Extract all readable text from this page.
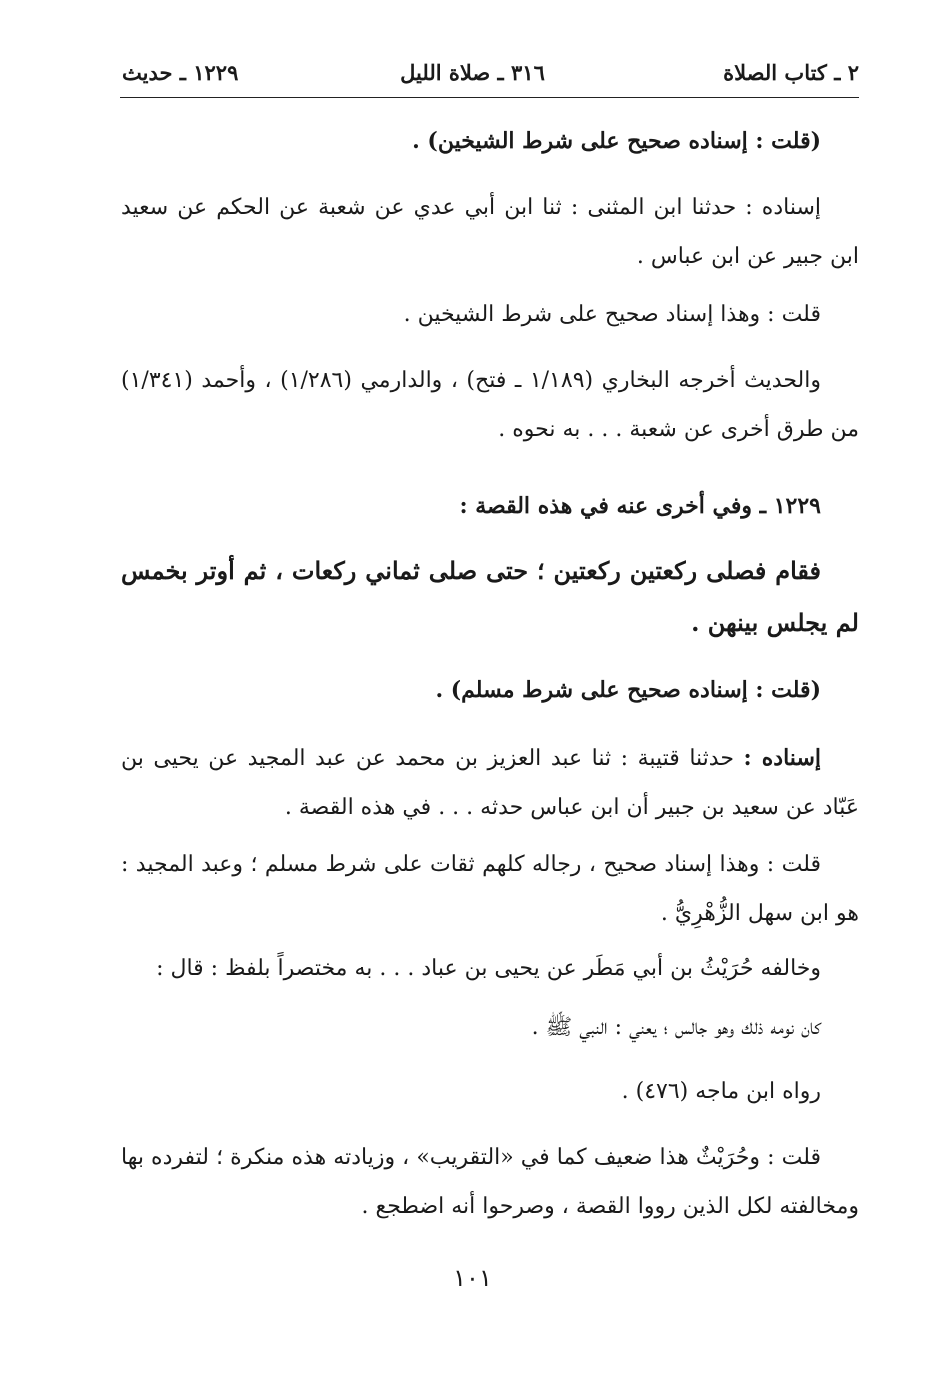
٢ ـ كتاب الصلاة
٣١٦ ـ صلاة الليل
١٢٢٩ ـ حديث
(قلت : إسناده صحيح على شرط الشيخين) .
إسناده : حدثنا ابن المثنى : ثنا ابن أبي عدي عن شعبة عن الحكم عن سعيد ابن جبير عن ابن عباس .
قلت : وهذا إسناد صحيح على شرط الشيخين .
والحديث أخرجه البخاري (١/١٨٩ ـ فتح) ، والدارمي (١/٢٨٦) ، وأحمد (١/٣٤١) من طرق أخرى عن شعبة . . . به نحوه .
١٢٢٩ ـ وفي أخرى عنه في هذه القصة :
فقام فصلى ركعتين ركعتين ؛ حتى صلى ثماني ركعات ، ثم أوتر بخمس لم يجلس بينهن .
(قلت : إسناده صحيح على شرط مسلم) .
إسناده : حدثنا قتيبة : ثنا عبد العزيز بن محمد عن عبد المجيد عن يحيى بن عَبّاد عن سعيد بن جبير أن ابن عباس حدثه . . . في هذه القصة .
قلت : وهذا إسناد صحيح ، رجاله كلهم ثقات على شرط مسلم ؛ وعبد المجيد : هو ابن سهل الزُّهْرِيُّ .
وخالفه حُرَيْثُ بن أبي مَطَر عن يحيى بن عباد . . . به مختصراً بلفظ : قال :
كان نومه ذلك وهو جالس ؛ يعني : النبي ﷺ .
رواه ابن ماجه (٤٧٦) .
قلت : وحُرَيْثٌ هذا ضعيف كما في «التقريب» ، وزيادته هذه منكرة ؛ لتفرده بها ومخالفته لكل الذين رووا القصة ، وصرحوا أنه اضطجع .
١٠١
